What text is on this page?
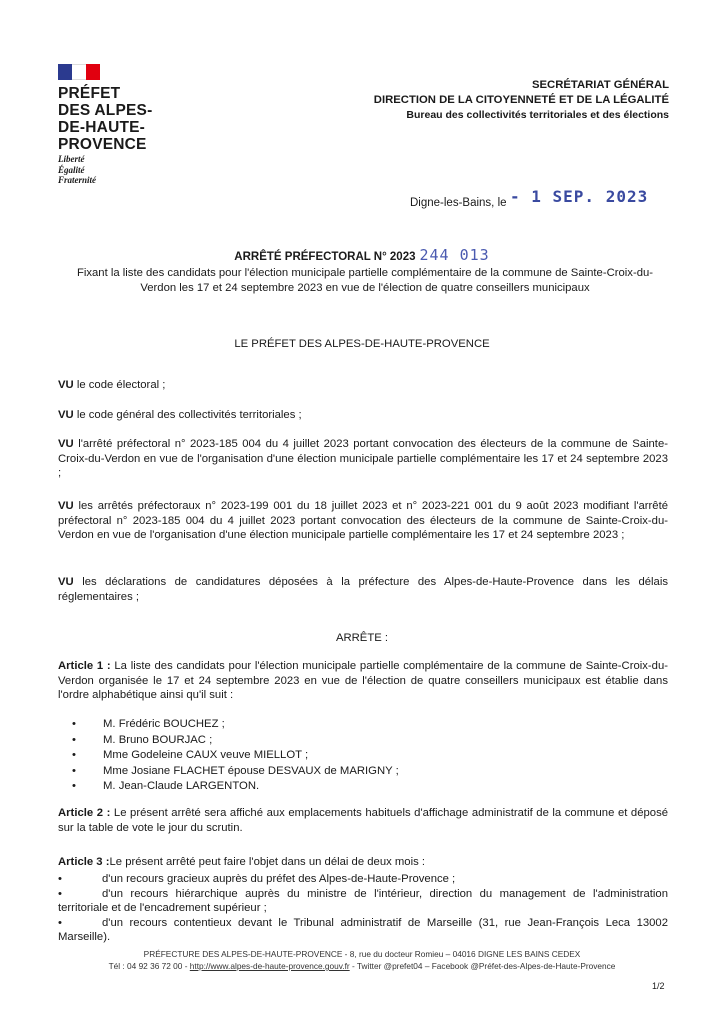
PRÉFET
DES ALPES-
DE-HAUTE-
PROVENCE
Liberté
Égalité
Fraternité
SECRÉTARIAT GÉNÉRAL
DIRECTION DE LA CITOYENNETÉ ET DE LA LÉGALITÉ
Bureau des collectivités territoriales et des élections
Digne-les-Bains, le - 1 SEP. 2023
ARRÊTÉ PRÉFECTORAL N° 2023 244 013
Fixant la liste des candidats pour l'élection municipale partielle complémentaire de la commune de Sainte-Croix-du-Verdon les 17 et 24 septembre 2023 en vue de l'élection de quatre conseillers municipaux
LE PRÉFET DES ALPES-DE-HAUTE-PROVENCE
VU le code électoral ;
VU le code général des collectivités territoriales ;
VU l'arrêté préfectoral n° 2023-185 004 du 4 juillet 2023 portant convocation des électeurs de la commune de Sainte-Croix-du-Verdon en vue de l'organisation d'une élection municipale partielle complémentaire les 17 et 24 septembre 2023 ;
VU les arrêtés préfectoraux n° 2023-199 001 du 18 juillet 2023 et n° 2023-221 001 du 9 août 2023 modifiant l'arrêté préfectoral n° 2023-185 004 du 4 juillet 2023 portant convocation des électeurs de la commune de Sainte-Croix-du-Verdon en vue de l'organisation d'une élection municipale partielle complémentaire les 17 et 24 septembre 2023 ;
VU les déclarations de candidatures déposées à la préfecture des Alpes-de-Haute-Provence dans les délais réglementaires ;
ARRÊTE :
Article 1 : La liste des candidats pour l'élection municipale partielle complémentaire de la commune de Sainte-Croix-du-Verdon organisée le 17 et 24 septembre 2023 en vue de l'élection de quatre conseillers municipaux est établie dans l'ordre alphabétique ainsi qu'il suit :
• M. Frédéric BOUCHEZ ;
• M. Bruno BOURJAC ;
• Mme Godeleine CAUX veuve MIELLOT ;
• Mme Josiane FLACHET épouse DESVAUX de MARIGNY ;
• M. Jean-Claude LARGENTON.
Article 2 : Le présent arrêté sera affiché aux emplacements habituels d'affichage administratif de la commune et déposé sur la table de vote le jour du scrutin.
Article 3 :Le présent arrêté peut faire l'objet dans un délai de deux mois :
•	d'un recours gracieux auprès du préfet des Alpes-de-Haute-Provence ;
•	d'un recours hiérarchique auprès du ministre de l'intérieur, direction du management de l'administration territoriale et de l'encadrement supérieur ;
•	d'un recours contentieux devant le Tribunal administratif de Marseille (31, rue Jean-François Leca 13002 Marseille).
PRÉFECTURE DES ALPES-DE-HAUTE-PROVENCE - 8, rue du docteur Romieu – 04016 DIGNE LES BAINS CEDEX
Tél : 04 92 36 72 00 - http://www.alpes-de-haute-provence.gouv.fr - Twitter @prefet04 – Facebook @Préfet-des-Alpes-de-Haute-Provence
1/2
